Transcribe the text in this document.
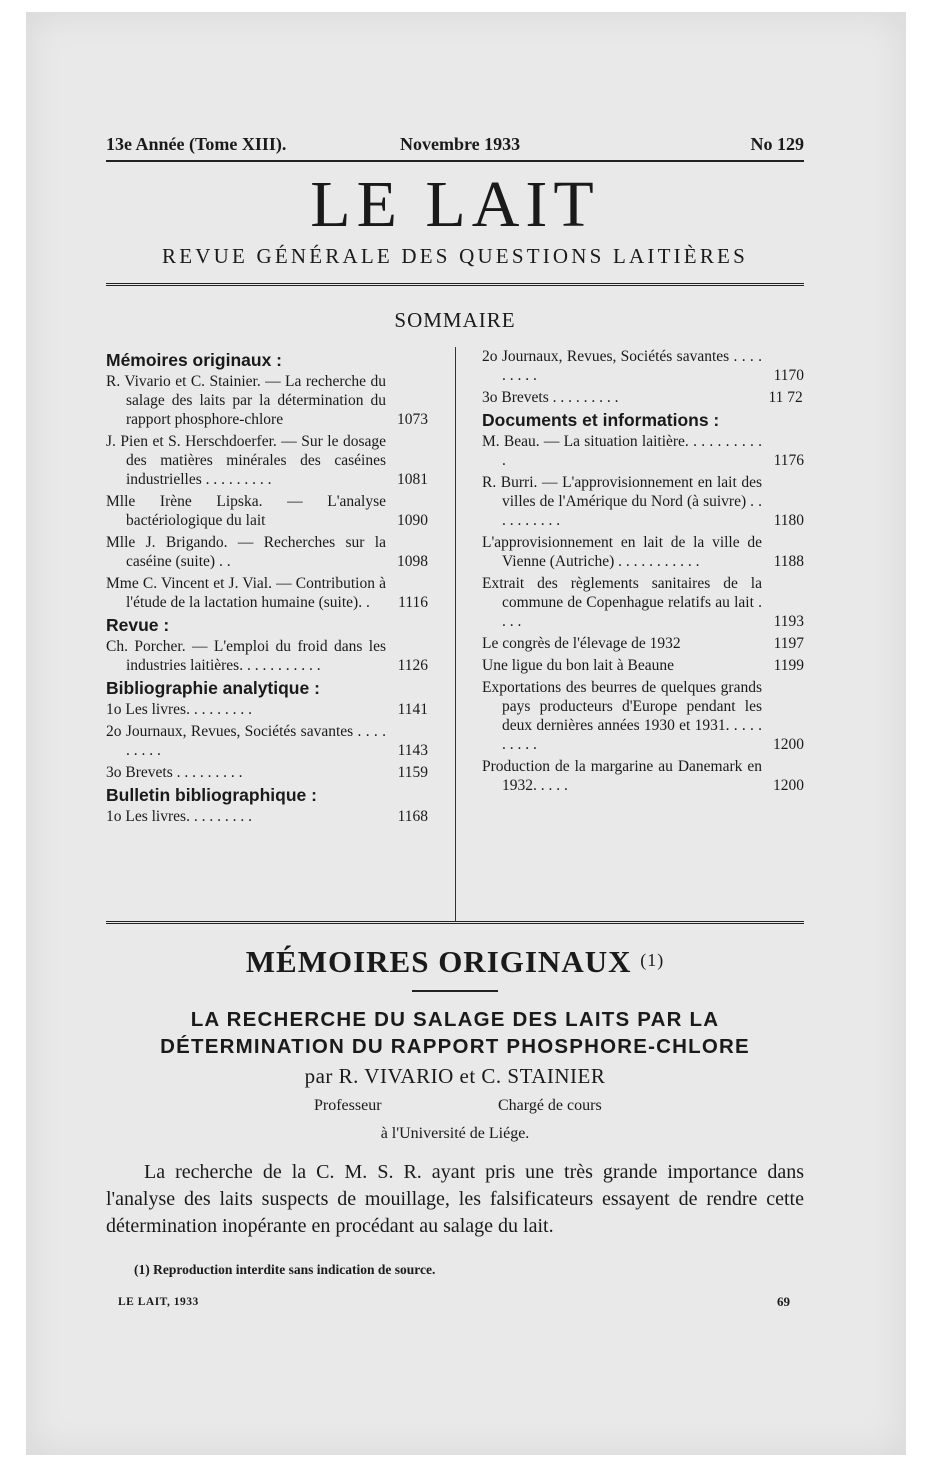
13e Année (Tome XIII).	Novembre 1933	No 129
LE LAIT
REVUE GÉNÉRALE DES QUESTIONS LAITIÈRES
SOMMAIRE
Mémoires originaux :
R. Vivario et C. Stainier. — La recherche du salage des laits par la détermination du rapport phosphore-chlore	1073
J. Pien et S. Herschdoerfer. — Sur le dosage des matières minérales des caséines industrielles . . . . . . . . .	1081
Mlle Irène Lipska. — L'analyse bactériologique du lait	1090
Mlle J. Brigando. — Recherches sur la caséine (suite) . .	1098
Mme C. Vincent et J. Vial. — Contribution à l'étude de la lactation humaine (suite). .	1116
Revue :
Ch. Porcher. — L'emploi du froid dans les industries laitières. . . . . . . . . . .	1126
Bibliographie analytique :
1o Les livres. . . . . . . . .	1141
2o Journaux, Revues, Sociétés savantes . . . . . . . . .	1143
3o Brevets . . . . . . . . .	1159
Bulletin bibliographique :
1o Les livres. . . . . . . . .	1168
2o Journaux, Revues, Sociétés savantes . . . . . . . . .	1170
3o Brevets . . . . . . . . .	11 72
Documents et informations :
M. Beau. — La situation laitière. . . . . . . . . . .	1176
R. Burri. — L'approvisionnement en lait des villes de l'Amérique du Nord (à suivre) . . . . . . . . . .	1180
L'approvisionnement en lait de la ville de Vienne (Autriche) . . . . . . . . . . .	1188
Extrait des règlements sanitaires de la commune de Copenhague relatifs au lait . . . .	1193
Le congrès de l'élevage de 1932	1197
Une ligue du bon lait à Beaune	1199
Exportations des beurres de quelques grands pays producteurs d'Europe pendant les deux dernières années 1930 et 1931. . . . . . . . . .	1200
Production de la margarine au Danemark en 1932. . . . .	1200
MÉMOIRES ORIGINAUX $^{(1)}$
LA RECHERCHE DU SALAGE DES LAITS PAR LA
DÉTERMINATION DU RAPPORT PHOSPHORE-CHLORE
par R. VIVARIO et C. STAINIER
Professeur	Chargé de cours
à l'Université de Liége.

La recherche de la C. M. S. R. ayant pris une très grande importance dans l'analyse des laits suspects de mouillage, les falsificateurs essayent de rendre cette détermination inopérante en procédant au salage du lait.

(1) Reproduction interdite sans indication de source.
LE LAIT, 1933	69
